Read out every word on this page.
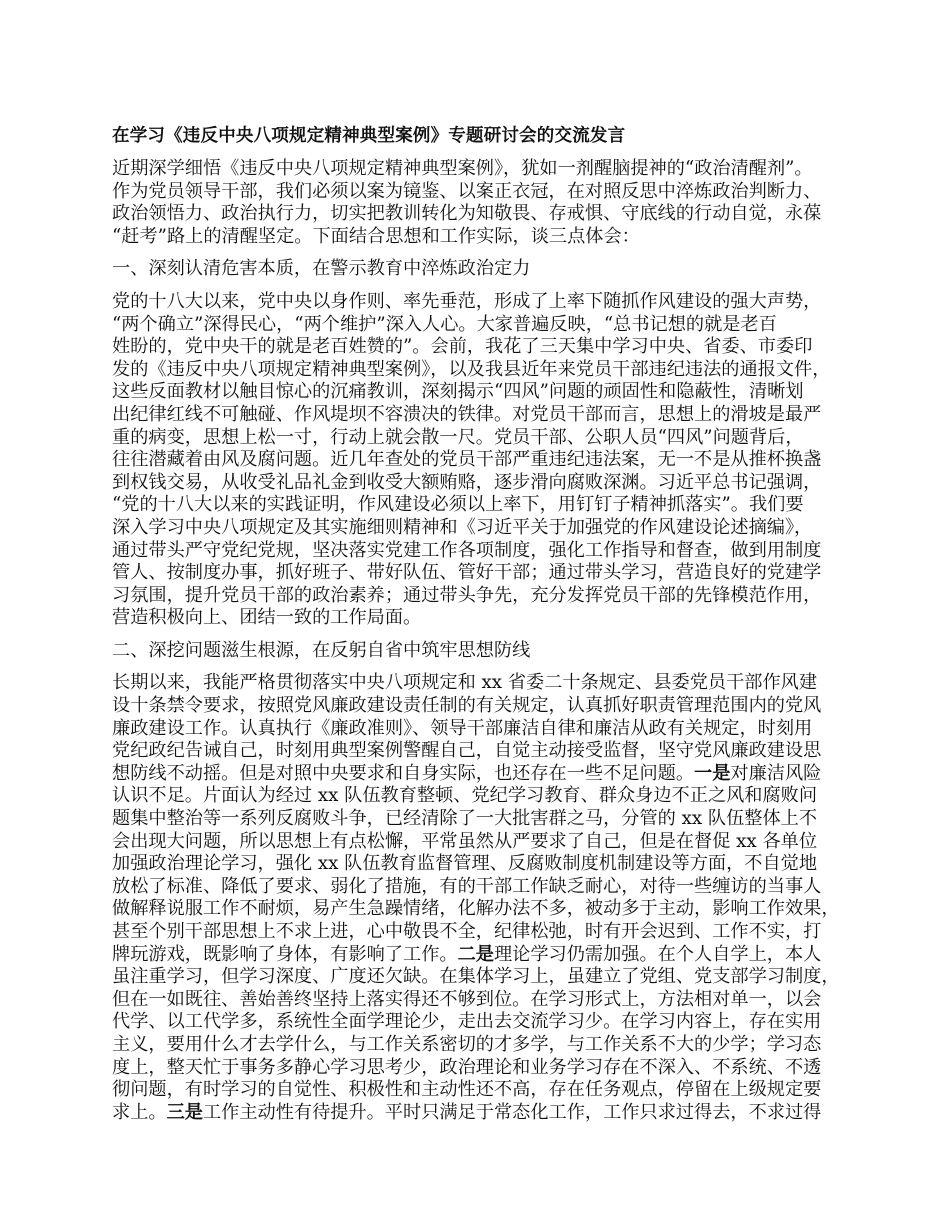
在学习《违反中央八项规定精神典型案例》专题研讨会的交流发言
近期深学细悟《违反中央八项规定精神典型案例》，犹如一剂醒脑提神的“政治清醒剂”。
作为党员领导干部，我们必须以案为镜鉴、以案正衣冠，在对照反思中淬炼政治判断力、
政治领悟力、政治执行力，切实把教训转化为知敬畏、存戒惧、守底线的行动自觉，永葆
“赶考”路上的清醒坚定。下面结合思想和工作实际，谈三点体会：
一、深刻认清危害本质，在警示教育中淬炼政治定力
党的十八大以来，党中央以身作则、率先垂范，形成了上率下随抓作风建设的强大声势，
“两个确立”深得民心，“两个维护”深入人心。大家普遍反映，“总书记想的就是老百
姓盼的，党中央干的就是老百姓赞的”。会前，我花了三天集中学习中央、省委、市委印
发的《违反中央八项规定精神典型案例》，以及我县近年来党员干部违纪违法的通报文件，
这些反面教材以触目惊心的沉痛教训，深刻揭示“四风”问题的顽固性和隐蔽性，清晰划
出纪律红线不可触碰、作风堤坝不容溃决的铁律。对党员干部而言，思想上的滑坡是最严
重的病变，思想上松一寸，行动上就会散一尺。党员干部、公职人员“四风”问题背后，
往往潜藏着由风及腐问题。近几年查处的党员干部严重违纪违法案，无一不是从推杯换盏
到权钱交易，从收受礼品礼金到收受大额贿赂，逐步滑向腐败深渊。习近平总书记强调，
“党的十八大以来的实践证明，作风建设必须以上率下，用钉钉子精神抓落实”。我们要
深入学习中央八项规定及其实施细则精神和《习近平关于加强党的作风建设论述摘编》，
通过带头严守党纪党规，坚决落实党建工作各项制度，强化工作指导和督查，做到用制度
管人、按制度办事，抓好班子、带好队伍、管好干部；通过带头学习，营造良好的党建学
习氛围，提升党员干部的政治素养；通过带头争先，充分发挥党员干部的先锋模范作用，
营造积极向上、团结一致的工作局面。
二、深挖问题滋生根源，在反躬自省中筑牢思想防线
长期以来，我能严格贯彻落实中央八项规定和 xx 省委二十条规定、县委党员干部作风建
设十条禁令要求，按照党风廉政建设责任制的有关规定，认真抓好职责管理范围内的党风
廉政建设工作。认真执行《廉政准则》、领导干部廉洁自律和廉洁从政有关规定，时刻用
党纪政纪告诫自己，时刻用典型案例警醒自己，自觉主动接受监督，坚守党风廉政建设思
想防线不动摇。但是对照中央要求和自身实际，也还存在一些不足问题。一是对廉洁风险
认识不足。片面认为经过 xx 队伍教育整顿、党纪学习教育、群众身边不正之风和腐败问
题集中整治等一系列反腐败斗争，已经清除了一大批害群之马，分管的 xx 队伍整体上不
会出现大问题，所以思想上有点松懈，平常虽然从严要求了自己，但是在督促 xx 各单位
加强政治理论学习，强化 xx 队伍教育监督管理、反腐败制度机制建设等方面，不自觉地
放松了标准、降低了要求、弱化了措施，有的干部工作缺乏耐心，对待一些缠访的当事人
做解释说服工作不耐烦，易产生急躁情绪，化解办法不多，被动多于主动，影响工作效果，
甚至个别干部思想上不求上进，心中敬畏不全，纪律松弛，时有开会迟到、工作不实，打
牌玩游戏，既影响了身体，有影响了工作。二是理论学习仍需加强。在个人自学上，本人
虽注重学习，但学习深度、广度还欠缺。在集体学习上，虽建立了党组、党支部学习制度，
但在一如既往、善始善终坚持上落实得还不够到位。在学习形式上，方法相对单一，以会
代学、以工代学多，系统性全面学理论少，走出去交流学习少。在学习内容上，存在实用
主义，要用什么才去学什么，与工作关系密切的才多学，与工作关系不大的少学；学习态
度上，整天忙于事务多静心学习思考少，政治理论和业务学习存在不深入、不系统、不透
彻问题，有时学习的自觉性、积极性和主动性还不高，存在任务观点，停留在上级规定要
求上。三是工作主动性有待提升。平时只满足于常态化工作，工作只求过得去，不求过得
